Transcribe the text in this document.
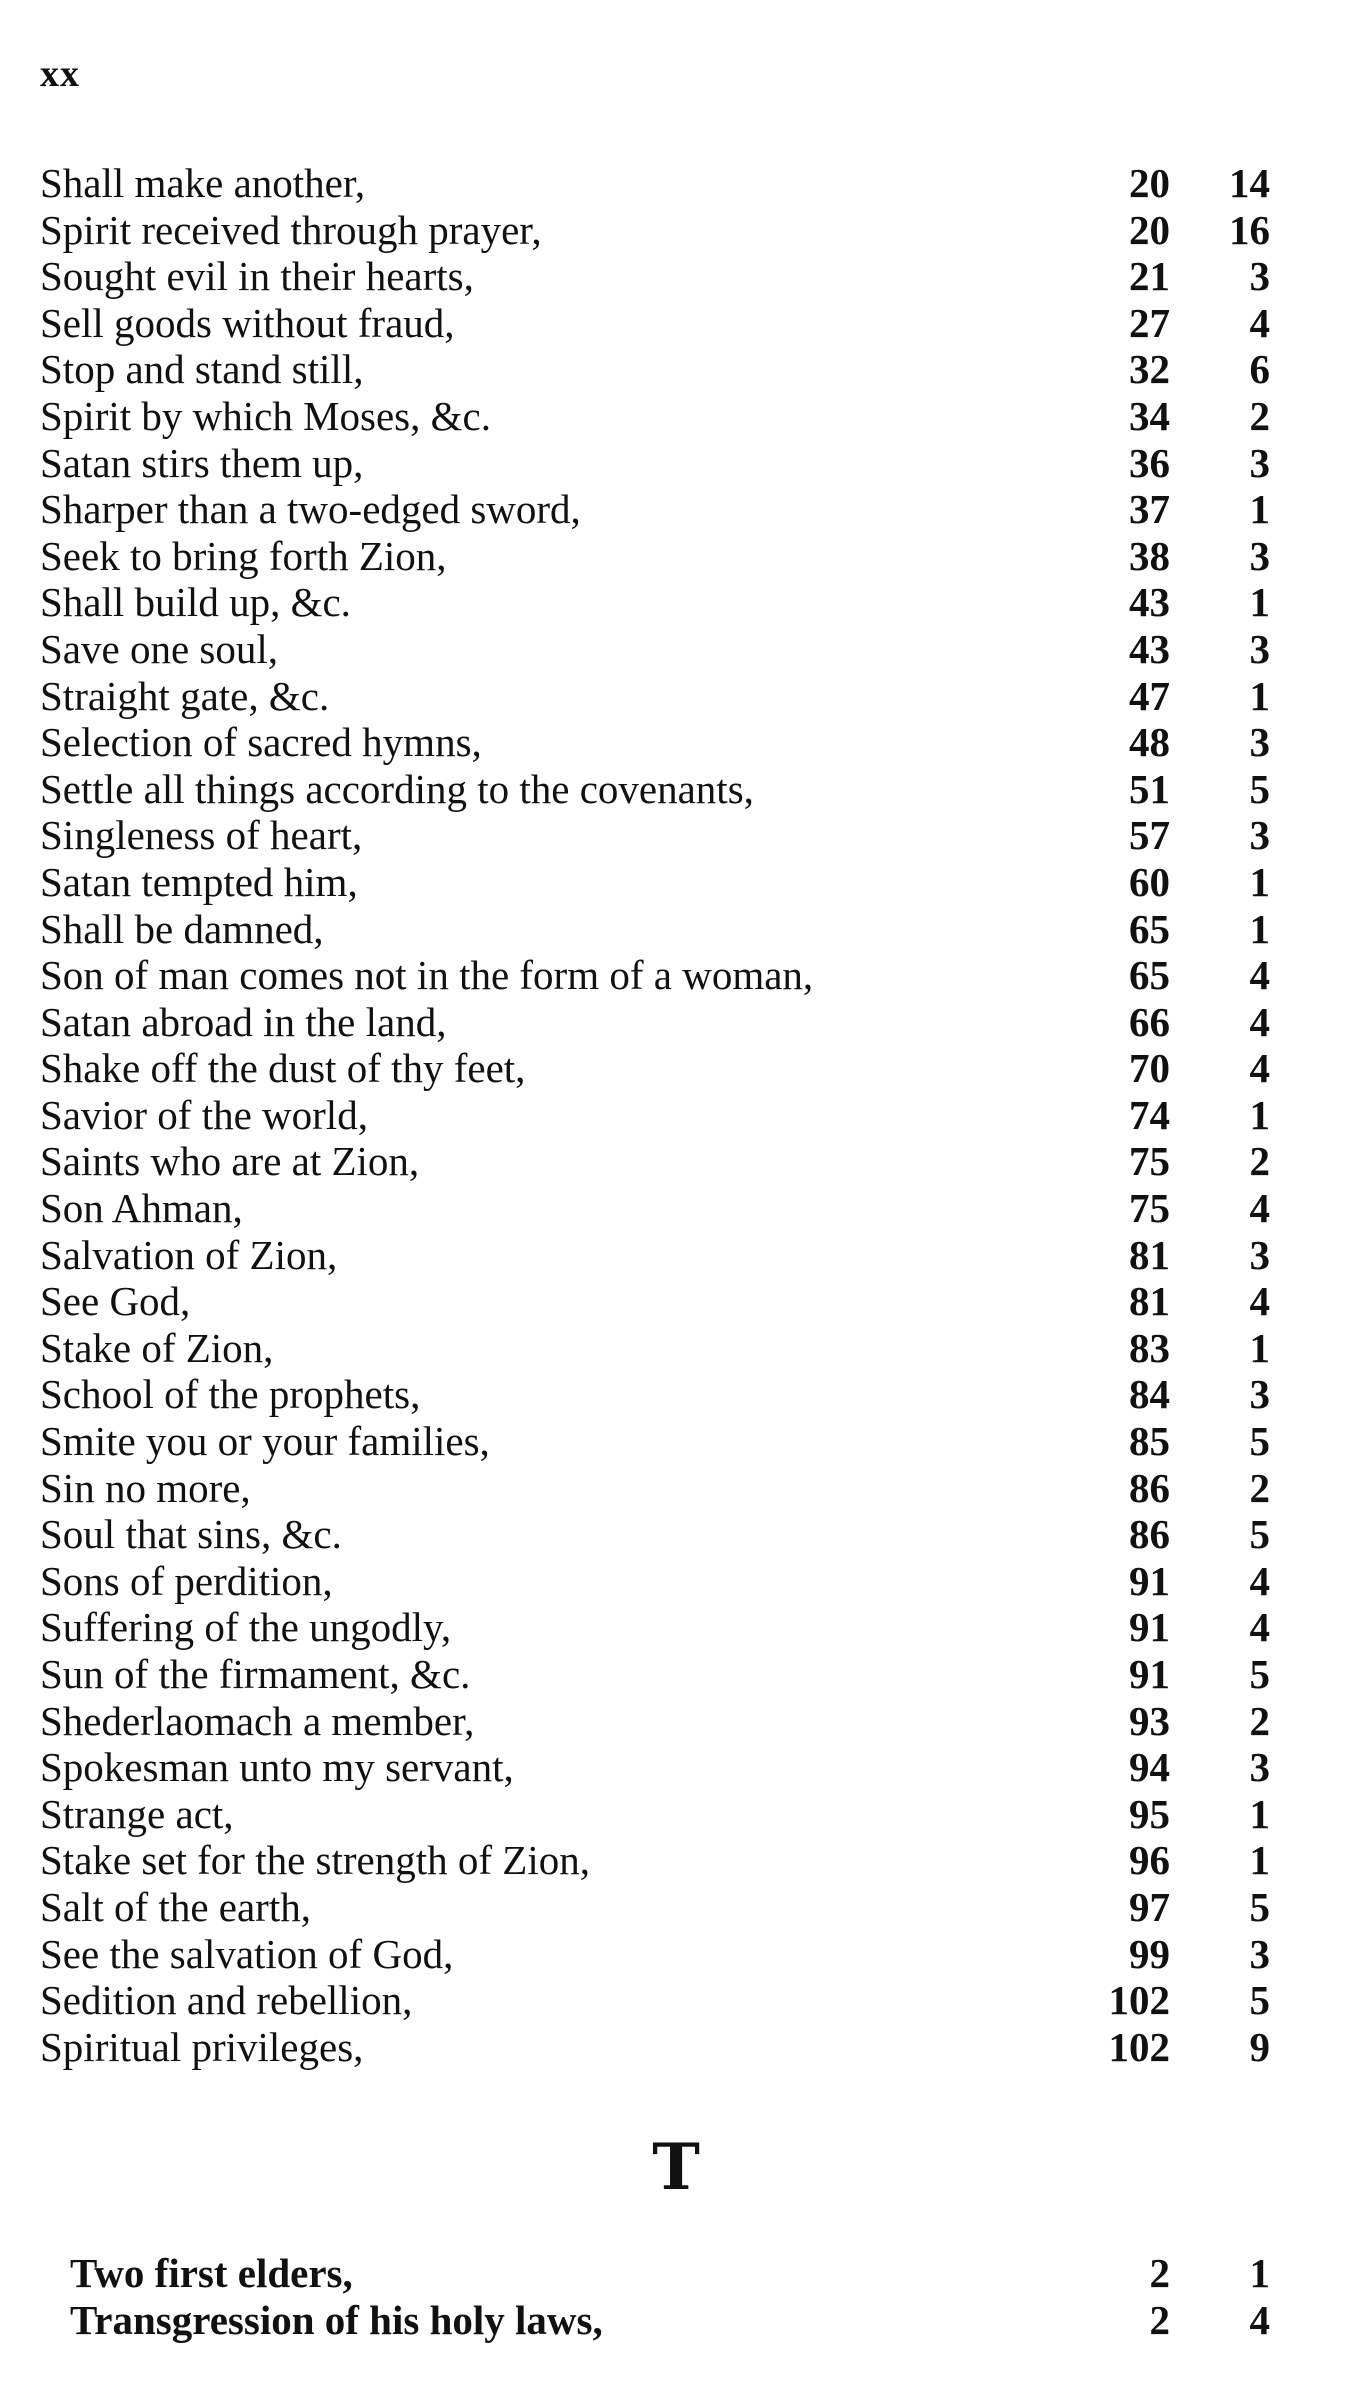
xx
Shall make another,	20	14
Spirit received through prayer,	20	16
Sought evil in their hearts,	21	3
Sell goods without fraud,	27	4
Stop and stand still,	32	6
Spirit by which Moses, &c.	34	2
Satan stirs them up,	36	3
Sharper than a two-edged sword,	37	1
Seek to bring forth Zion,	38	3
Shall build up, &c.	43	1
Save one soul,	43	3
Straight gate, &c.	47	1
Selection of sacred hymns,	48	3
Settle all things according to the covenants,	51	5
Singleness of heart,	57	3
Satan tempted him,	60	1
Shall be damned,	65	1
Son of man comes not in the form of a woman,	65	4
Satan abroad in the land,	66	4
Shake off the dust of thy feet,	70	4
Savior of the world,	74	1
Saints who are at Zion,	75	2
Son Ahman,	75	4
Salvation of Zion,	81	3
See God,	81	4
Stake of Zion,	83	1
School of the prophets,	84	3
Smite you or your families,	85	5
Sin no more,	86	2
Soul that sins, &c.	86	5
Sons of perdition,	91	4
Suffering of the ungodly,	91	4
Sun of the firmament, &c.	91	5
Shederlaomach a member,	93	2
Spokesman unto my servant,	94	3
Strange act,	95	1
Stake set for the strength of Zion,	96	1
Salt of the earth,	97	5
See the salvation of God,	99	3
Sedition and rebellion,	102	5
Spiritual privileges,	102	9
T
Two first elders,	2	1
Transgression of his holy laws,	2	4
